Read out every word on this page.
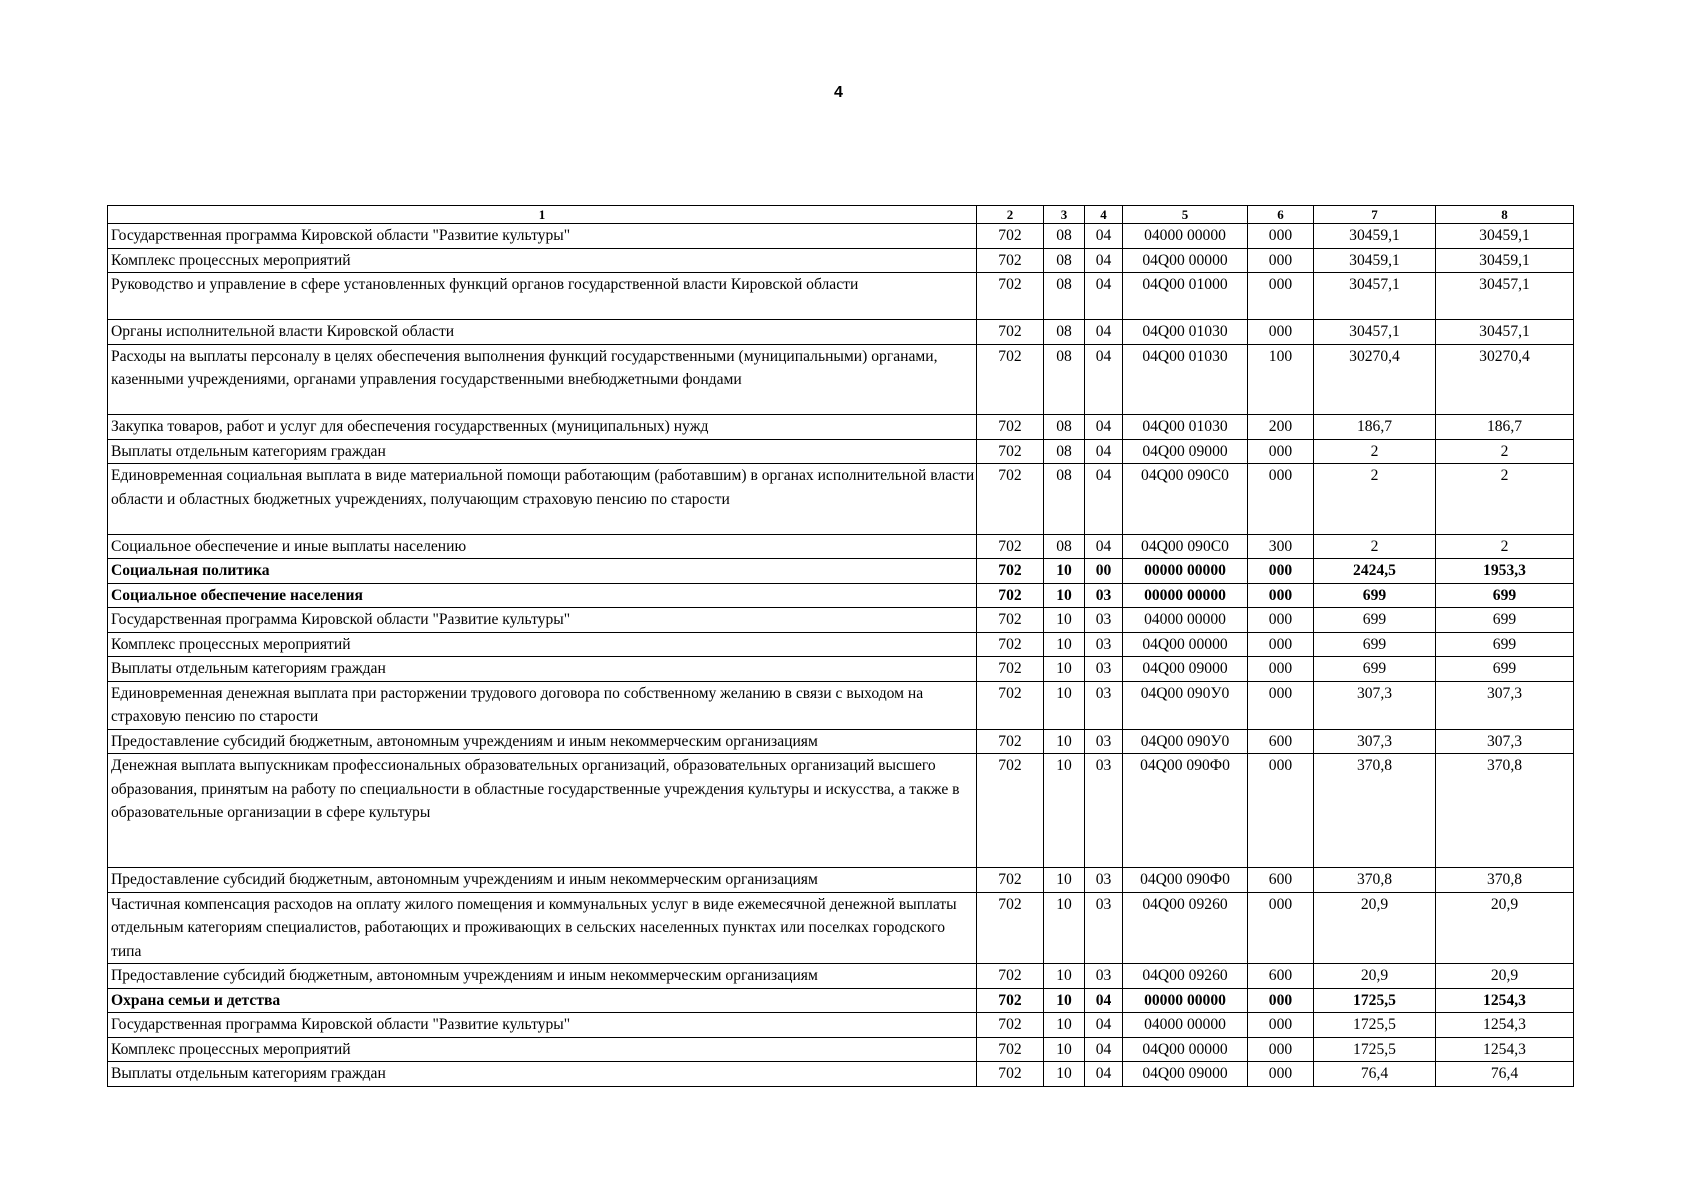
4
1	2	3	4	5	6	7	8
Государственная программа Кировской области "Развитие культуры"	702	08	04	04000 00000	000	30459,1	30459,1
Комплекс процессных мероприятий	702	08	04	04Q00 00000	000	30459,1	30459,1
Руководство и управление в сфере установленных функций органов государственной власти Кировской области	702	08	04	04Q00 01000	000	30457,1	30457,1
Органы исполнительной власти Кировской области	702	08	04	04Q00 01030	000	30457,1	30457,1
Расходы на выплаты персоналу в целях обеспечения выполнения функций государственными (муниципальными) органами, казенными учреждениями, органами управления государственными внебюджетными фондами	702	08	04	04Q00 01030	100	30270,4	30270,4
Закупка товаров, работ и услуг для обеспечения государственных (муниципальных) нужд	702	08	04	04Q00 01030	200	186,7	186,7
Выплаты отдельным категориям граждан	702	08	04	04Q00 09000	000	2	2
Единовременная социальная выплата в виде материальной помощи работающим (работавшим) в органах исполнительной власти области и областных бюджетных учреждениях, получающим страховую пенсию по старости	702	08	04	04Q00 090C0	000	2	2
Социальное обеспечение и иные выплаты населению	702	08	04	04Q00 090C0	300	2	2
Социальная политика	702	10	00	00000 00000	000	2424,5	1953,3
Социальное обеспечение населения	702	10	03	00000 00000	000	699	699
Государственная программа Кировской области "Развитие культуры"	702	10	03	04000 00000	000	699	699
Комплекс процессных мероприятий	702	10	03	04Q00 00000	000	699	699
Выплаты отдельным категориям граждан	702	10	03	04Q00 09000	000	699	699
Единовременная денежная выплата при расторжении трудового договора по собственному желанию в связи с выходом на страховую пенсию по старости	702	10	03	04Q00 090У0	000	307,3	307,3
Предоставление субсидий бюджетным, автономным учреждениям и иным некоммерческим организациям	702	10	03	04Q00 090У0	600	307,3	307,3
Денежная выплата выпускникам профессиональных образовательных организаций, образовательных организаций высшего образования, принятым на работу по специальности в областные государственные учреждения культуры и искусства, а также в образовательные организации в сфере культуры	702	10	03	04Q00 090Ф0	000	370,8	370,8
Предоставление субсидий бюджетным, автономным учреждениям и иным некоммерческим организациям	702	10	03	04Q00 090Ф0	600	370,8	370,8
Частичная компенсация расходов на оплату жилого помещения и коммунальных услуг в виде ежемесячной денежной выплаты отдельным категориям специалистов, работающих и проживающих в сельских населенных пунктах или поселках городского типа	702	10	03	04Q00 09260	000	20,9	20,9
Предоставление субсидий бюджетным, автономным учреждениям и иным некоммерческим организациям	702	10	03	04Q00 09260	600	20,9	20,9
Охрана семьи и детства	702	10	04	00000 00000	000	1725,5	1254,3
Государственная программа Кировской области "Развитие культуры"	702	10	04	04000 00000	000	1725,5	1254,3
Комплекс процессных мероприятий	702	10	04	04Q00 00000	000	1725,5	1254,3
Выплаты отдельным категориям граждан	702	10	04	04Q00 09000	000	76,4	76,4
